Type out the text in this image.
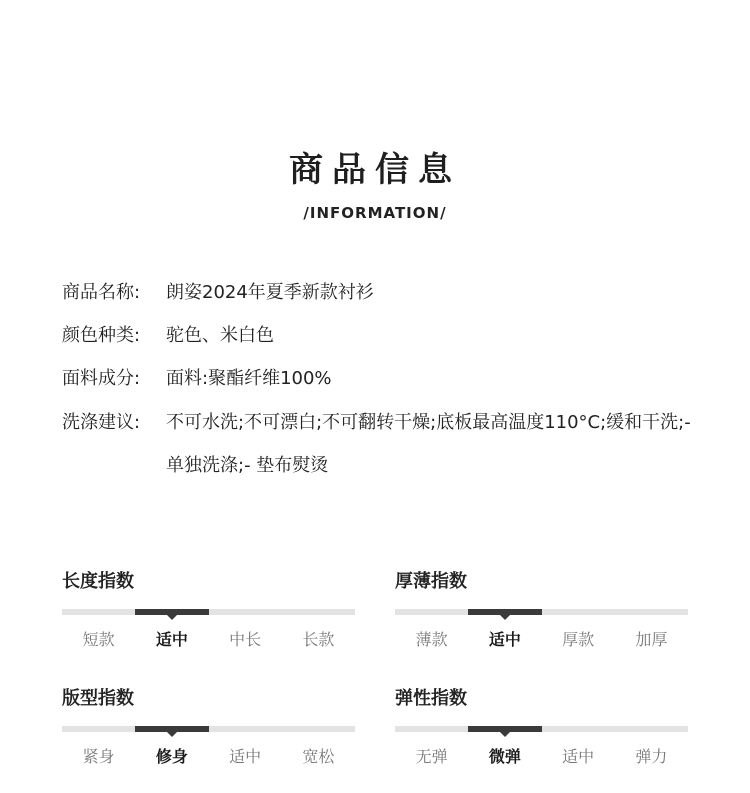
商品信息
/INFORMATION/
商品名称:	朗姿2024年夏季新款衬衫
颜色种类:	驼色、米白色
面料成分:	面料:聚酯纤维100%
洗涤建议:	不可水洗;不可漂白;不可翻转干燥;底板最高温度110°C;缓和干洗;- 单独洗涤;- 垫布熨烫
长度指数
短款	适中	中长	长款
厚薄指数
薄款	适中	厚款	加厚
版型指数
紧身	修身	适中	宽松
弹性指数
无弹	微弹	适中	弹力
